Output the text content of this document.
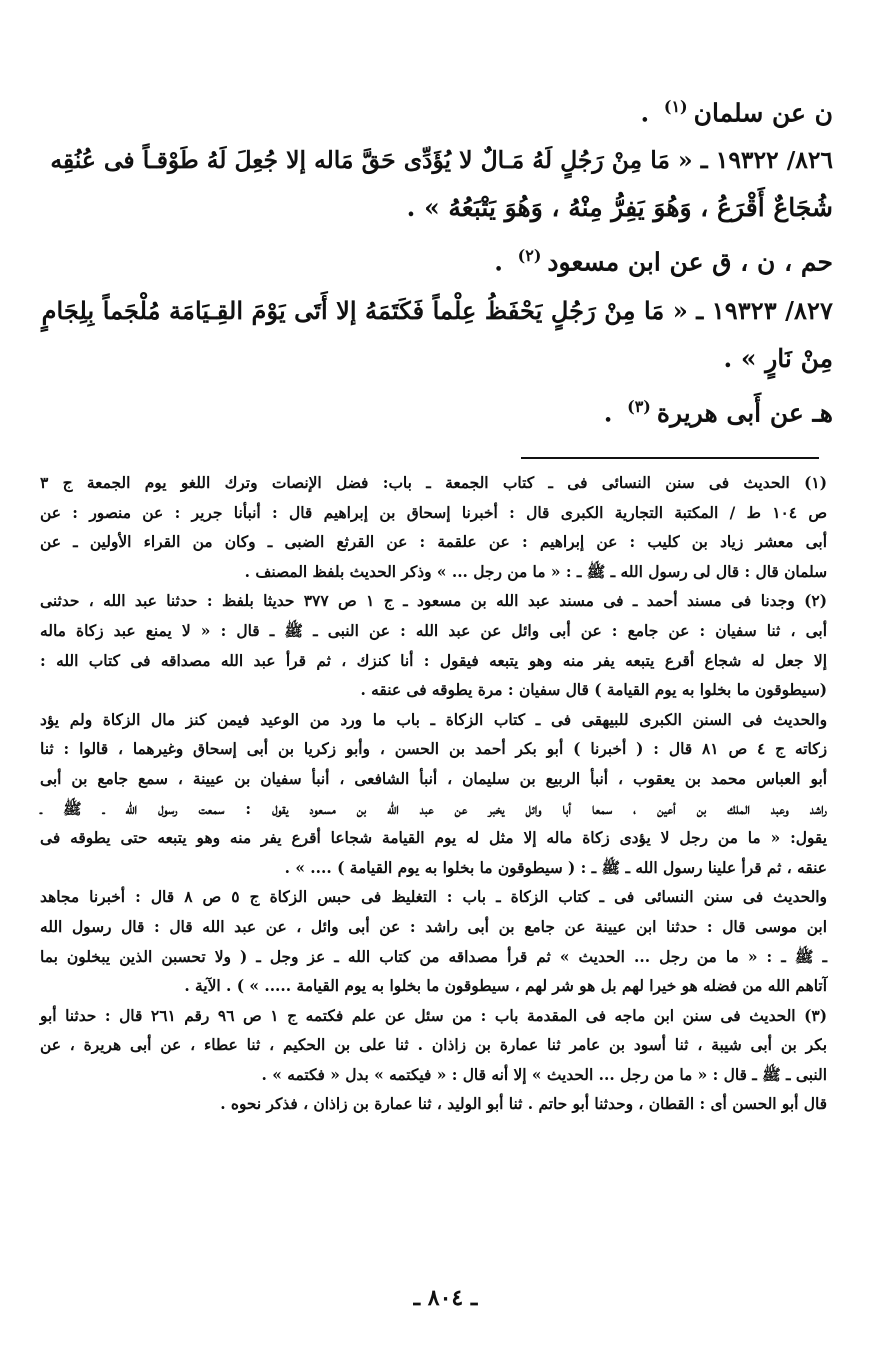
ن عن سلمان$^{(١)}$ .
٨٢٦/ ١٩٣٢٢ ـ « مَا مِنْ رَجُلٍ لَهُ مَـالٌ لا يُؤَدِّى حَقَّ مَاله إلا جُعِلَ لَهُ طَوْقـاً فى عُنُقِه
شُجَاعٌ أَقْرَعُ ، وَهُوَ يَفِرُّ مِنْهُ ، وَهُوَ يَتْبَعُهُ » .
حم ، ن ، ق عن ابن مسعود$^{(٢)}$ .
٨٢٧/ ١٩٣٢٣ ـ « مَا مِنْ رَجُلٍ يَحْفَظُ عِلْماً فَكَتَمَهُ إلا أَتَى يَوْمَ القِـيَامَة مُلْجَماً بِلِجَامٍ
مِنْ نَارٍ » .
هـ عن أَبى هريرة$^{(٣)}$ .
(١) الحديث فى سنن النسائى فى ـ كتاب الجمعة ـ باب: فضل الإنصات وترك اللغو يوم الجمعة ج ٣
ص ١٠٤ ط / المكتبة التجارية الكبرى قال : أخبرنا إسحاق بن إبراهيم قال : أنبأنا جرير : عن منصور : عن
أبى معشر زياد بن كليب : عن إبراهيم : عن علقمة : عن القرثع الضبى ـ وكان من القراء الأولين ـ عن
سلمان قال : قال لى رسول الله ـ ﷺ ـ : « ما من رجل ... » وذكر الحديث بلفظ المصنف .
(٢) وجدنا فى مسند أحمد ـ فى مسند عبد الله بن مسعود ـ ج ١ ص ٣٧٧ حديثا بلفظ : حدثنا عبد الله ، حدثنى
أبى ، ثنا سفيان : عن جامع : عن أبى وائل عن عبد الله : عن النبى ـ ﷺ ـ قال : « لا يمنع عبد زكاة ماله
إلا جعل له شجاع أقرع يتبعه يفر منه وهو يتبعه فيقول : أنا كنزك ، ثم قرأ عبد الله مصداقه فى كتاب الله :
(سيطوقون ما بخلوا به يوم القيامة ) قال سفيان : مرة يطوقه فى عنقه .
والحديث فى السنن الكبرى للبيهقى فى ـ كتاب الزكاة ـ باب ما ورد من الوعيد فيمن كنز مال الزكاة ولم يؤد
زكاته ج ٤ ص ٨١ قال : ( أخبرنا ) أبو بكر أحمد بن الحسن ، وأبو زكريا بن أبى إسحاق وغيرهما ، قالوا : ثنا
أبو العباس محمد بن يعقوب ، أنبأ الربيع بن سليمان ، أنبأ الشافعى ، أنبأ سفيان بن عيينة ، سمع جامع بن أبى
راشد وعبد الملك بن أعين ، سمعا أبا وائل يخبر عن عبد الله بن مسعود يقول : سمعت رسول الله ـ ﷺ ـ
يقول: « ما من رجل لا يؤدى زكاة ماله إلا مثل له يوم القيامة شجاعا أقرع يفر منه وهو يتبعه حتى يطوقه فى
عنقه ، ثم قرأ علينا رسول الله ـ ﷺ ـ : ( سيطوقون ما بخلوا به يوم القيامة ) .... » .
والحديث فى سنن النسائى فى ـ كتاب الزكاة ـ باب : التغليظ فى حبس الزكاة ج ٥ ص ٨ قال : أخبرنا مجاهد
ابن موسى قال : حدثنا ابن عيينة عن جامع بن أبى راشد : عن أبى وائل ، عن عبد الله قال : قال رسول الله
ـ ﷺ ـ : « ما من رجل ... الحديث » ثم قرأ مصداقه من كتاب الله ـ عز وجل ـ ( ولا تحسبن الذين يبخلون بما
آتاهم الله من فضله هو خيرا لهم بل هو شر لهم ، سيطوقون ما بخلوا به يوم القيامة ..... » ) . الآية .
(٣) الحديث فى سنن ابن ماجه فى المقدمة باب : من سئل عن علم فكتمه ج ١ ص ٩٦ رقم ٢٦١ قال : حدثنا أبو
بكر بن أبى شيبة ، ثنا أسود بن عامر ثنا عمارة بن زاذان . ثنا على بن الحكيم ، ثنا عطاء ، عن أبى هريرة ، عن
النبى ـ ﷺ ـ قال : « ما من رجل ... الحديث » إلا أنه قال : « فيكتمه » بدل « فكتمه » .
قال أبو الحسن أى : القطان ، وحدثنا أبو حاتم . ثنا أبو الوليد ، ثنا عمارة بن زاذان ، فذكر نحوه .
ـ ٨٠٤ ـ
